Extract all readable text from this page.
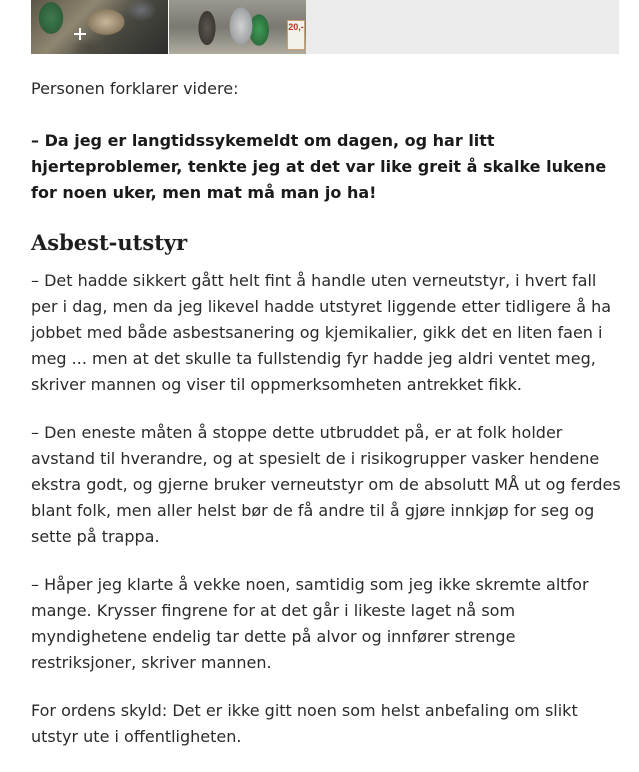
20,-

Personen forklarer videre:

– Da jeg er langtidssykemeldt om dagen, og har litt hjerteproblemer, tenkte jeg at det var like greit å skalke lukene for noen uker, men mat må man jo ha!

Asbest-utstyr

– Det hadde sikkert gått helt fint å handle uten verneutstyr, i hvert fall per i dag, men da jeg likevel hadde utstyret liggende etter tidligere å ha jobbet med både asbestsanering og kjemikalier, gikk det en liten faen i meg ... men at det skulle ta fullstendig fyr hadde jeg aldri ventet meg, skriver mannen og viser til oppmerksomheten antrekket fikk.

– Den eneste måten å stoppe dette utbruddet på, er at folk holder avstand til hverandre, og at spesielt de i risikogrupper vasker hendene ekstra godt, og gjerne bruker verneutstyr om de absolutt MÅ ut og ferdes blant folk, men aller helst bør de få andre til å gjøre innkjøp for seg og sette på trappa.

– Håper jeg klarte å vekke noen, samtidig som jeg ikke skremte altfor mange. Krysser fingrene for at det går i likeste laget nå som myndighetene endelig tar dette på alvor og innfører strenge restriksjoner, skriver mannen.

For ordens skyld: Det er ikke gitt noen som helst anbefaling om slikt utstyr ute i offentligheten.
